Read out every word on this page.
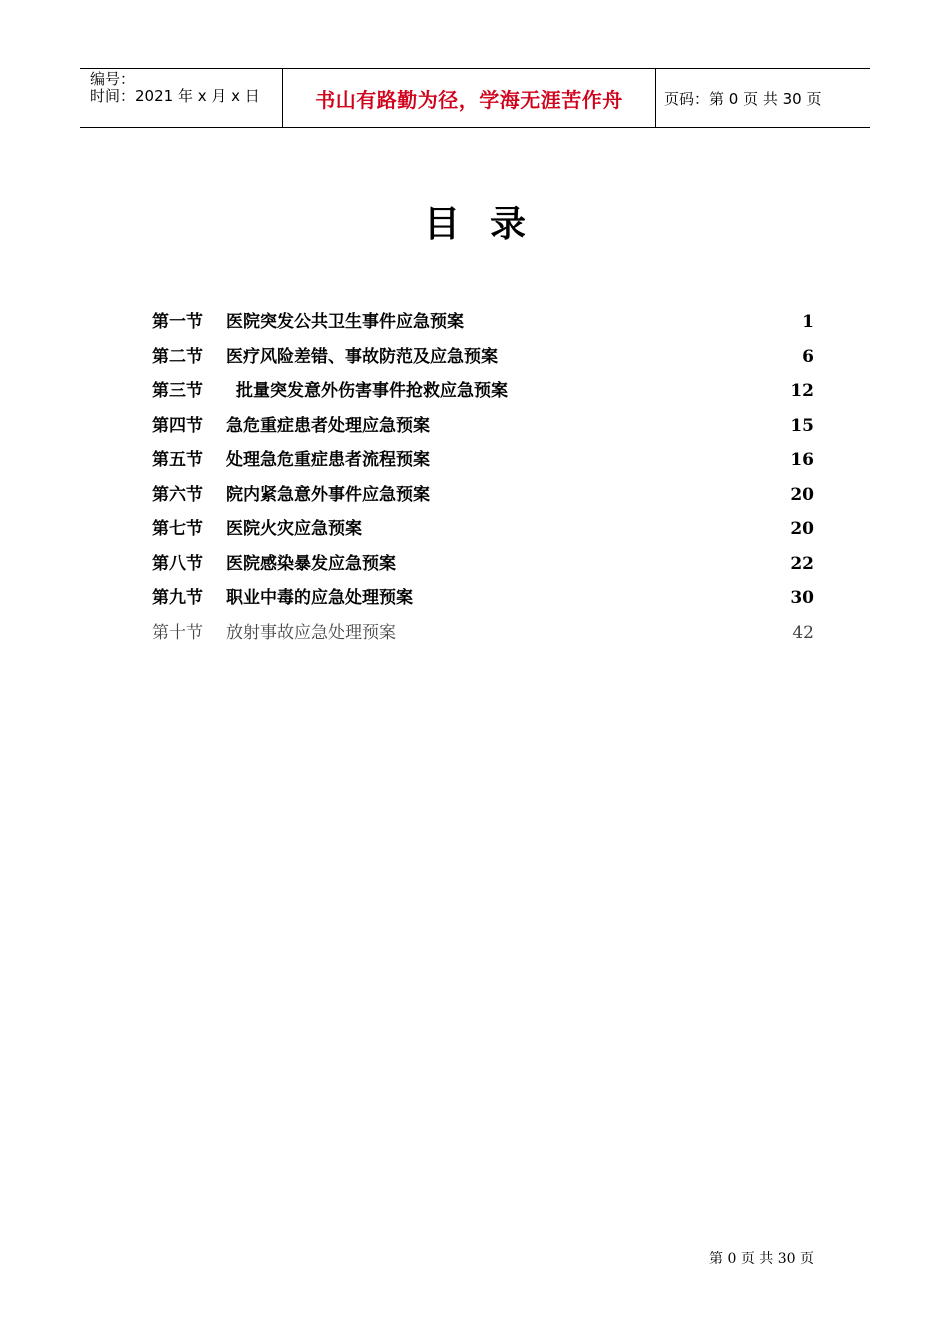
编号：
时间：2021 年 x 月 x 日	书山有路勤为径，学海无涯苦作舟	页码：第 0 页 共 30 页
目录
第一节 医院突发公共卫生事件应急预案	1
第二节 医疗风险差错、事故防范及应急预案	6
第三节 批量突发意外伤害事件抢救应急预案	12
第四节 急危重症患者处理应急预案	15
第五节 处理急危重症患者流程预案	16
第六节 院内紧急意外事件应急预案	20
第七节 医院火灾应急预案	20
第八节 医院感染暴发应急预案	22
第九节 职业中毒的应急处理预案	30
第十节 放射事故应急处理预案	42
第 0 页 共 30 页
